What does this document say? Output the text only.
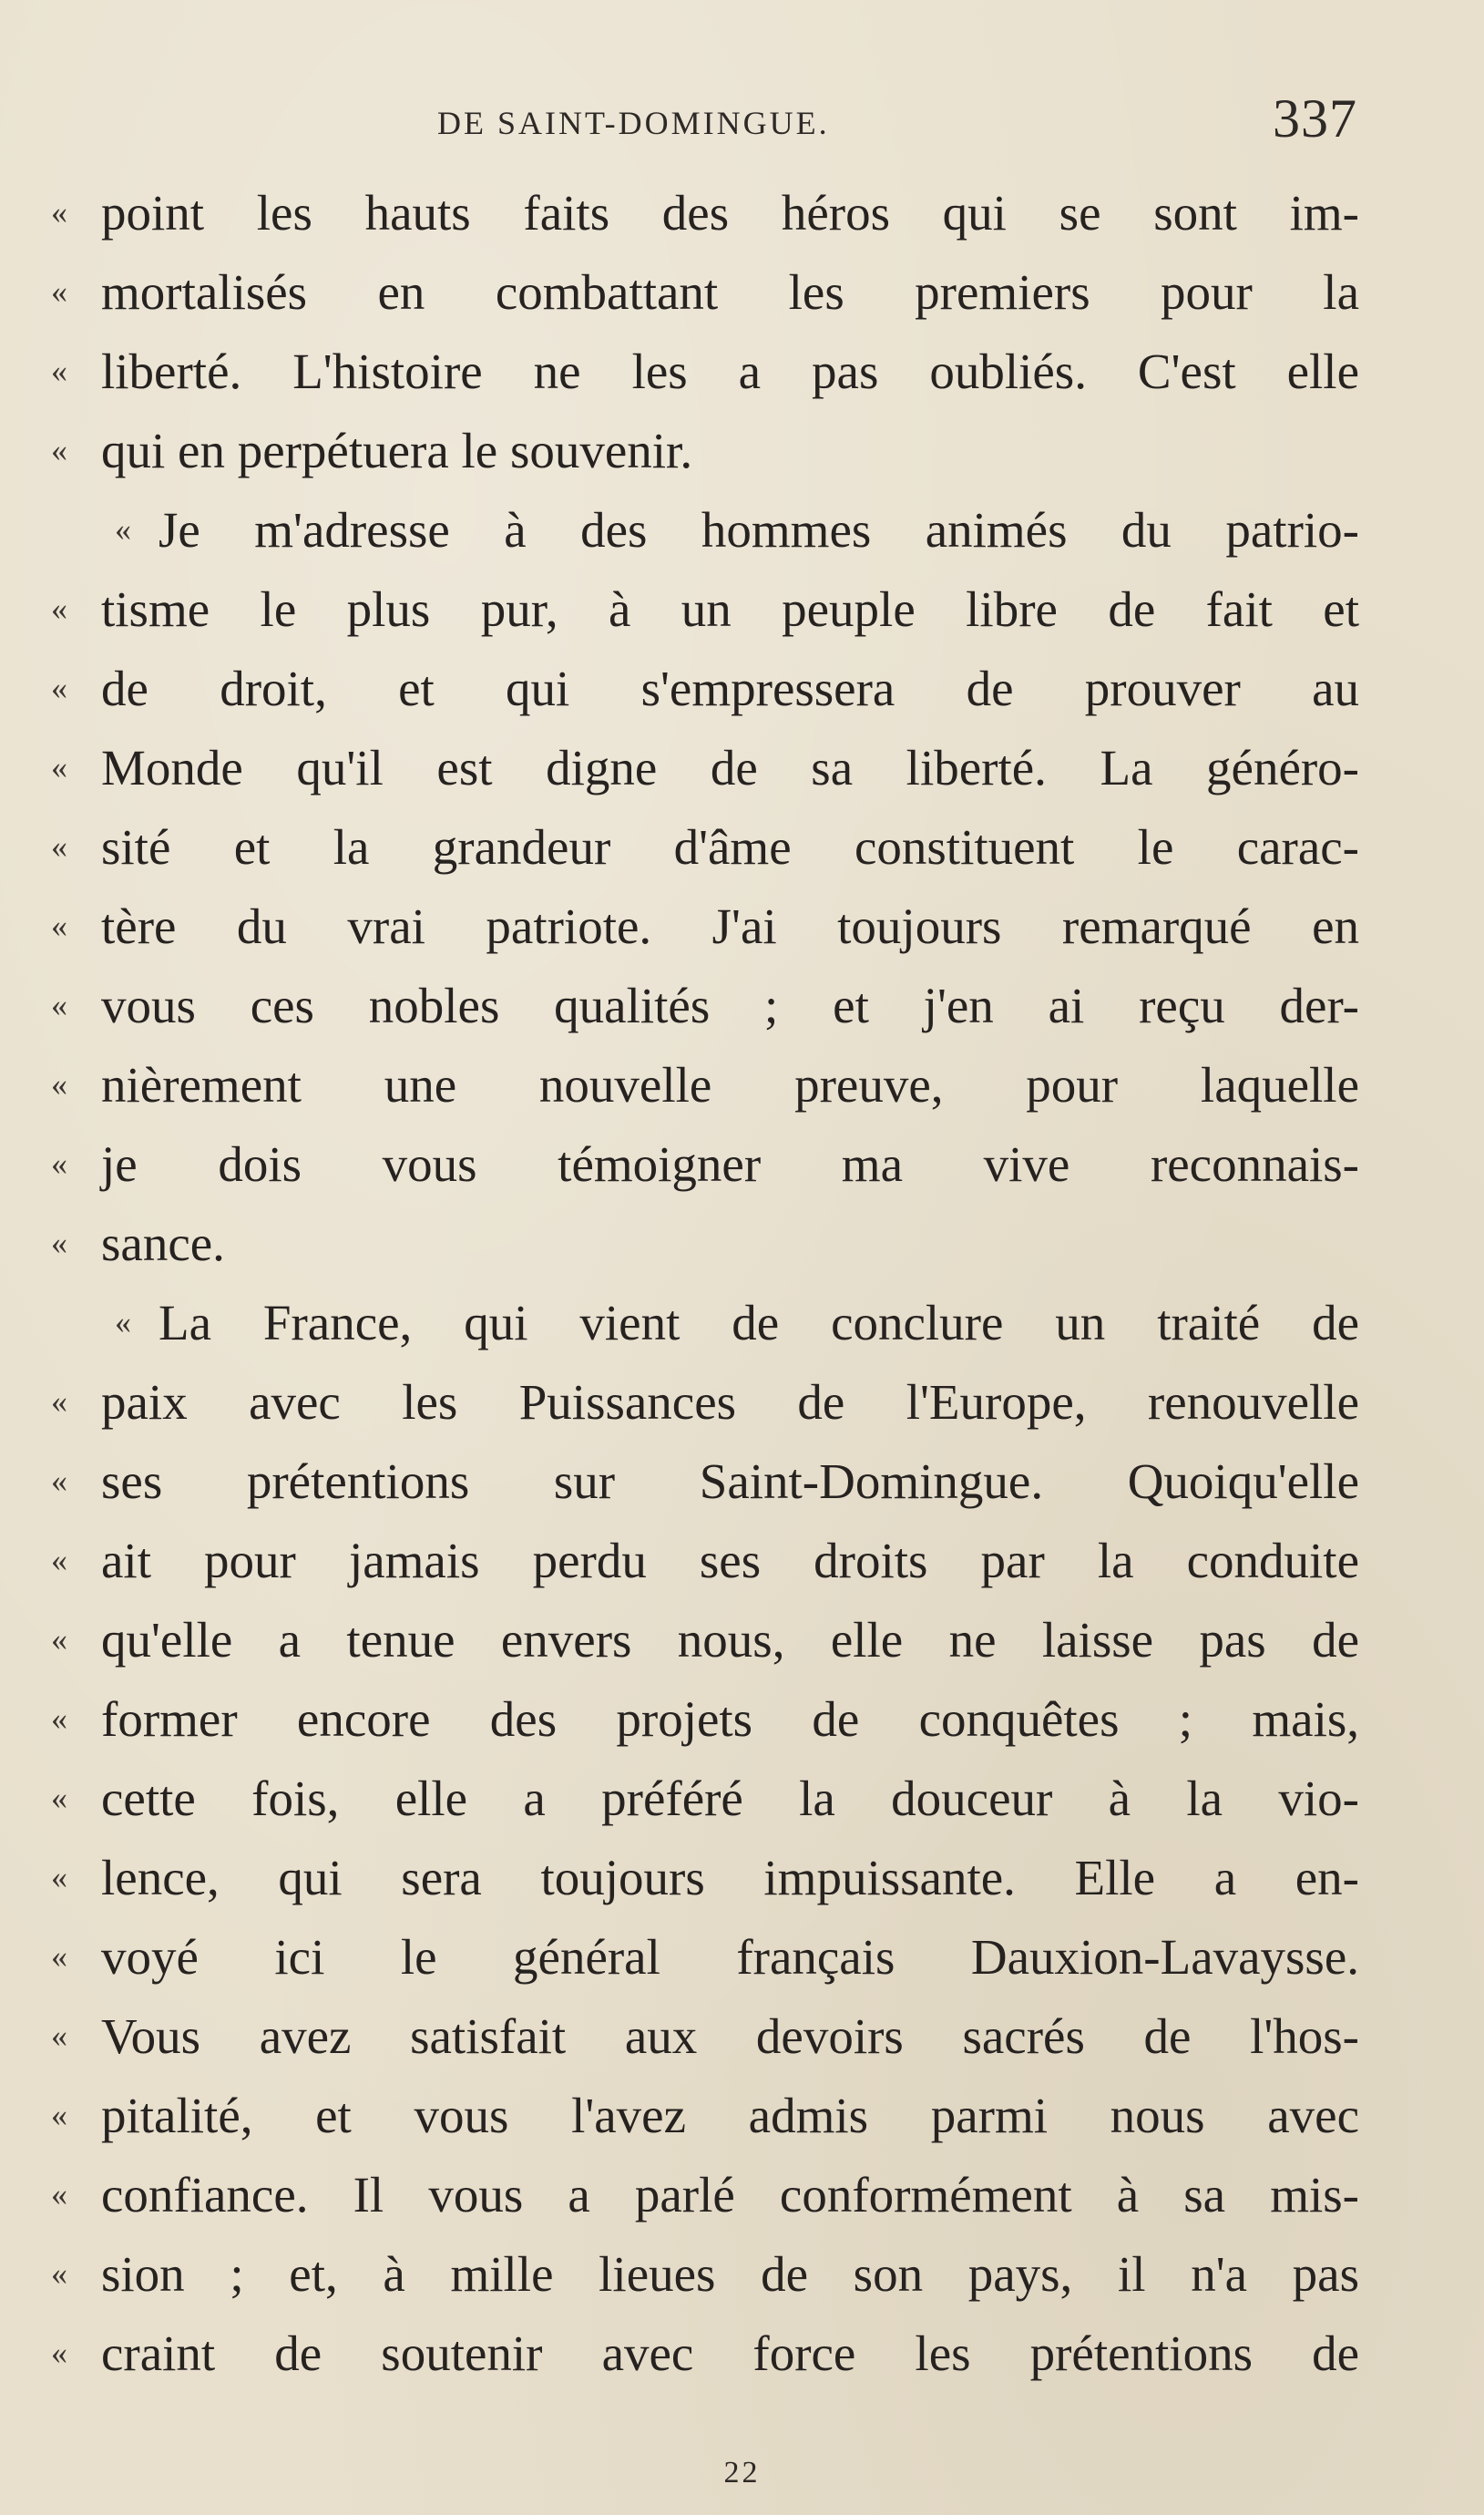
DE SAINT-DOMINGUE.	337
« point les hauts faits des héros qui se sont im-
« mortalisés en combattant les premiers pour la
« liberté. L'histoire ne les a pas oubliés. C'est elle
« qui en perpétuera le souvenir.
« Je m'adresse à des hommes animés du patrio-
« tisme le plus pur, à un peuple libre de fait et
« de droit, et qui s'empressera de prouver au
« Monde qu'il est digne de sa liberté. La généro-
« sité et la grandeur d'âme constituent le carac-
« tère du vrai patriote. J'ai toujours remarqué en
« vous ces nobles qualités ; et j'en ai reçu der-
« nièrement une nouvelle preuve, pour laquelle
« je dois vous témoigner ma vive reconnais-
« sance.
« La France, qui vient de conclure un traité de
« paix avec les Puissances de l'Europe, renouvelle
« ses prétentions sur Saint-Domingue. Quoiqu'elle
« ait pour jamais perdu ses droits par la conduite
« qu'elle a tenue envers nous, elle ne laisse pas de
« former encore des projets de conquêtes ; mais,
« cette fois, elle a préféré la douceur à la vio-
« lence, qui sera toujours impuissante. Elle a en-
« voyé ici le général français Dauxion-Lavaysse.
« Vous avez satisfait aux devoirs sacrés de l'hos-
« pitalité, et vous l'avez admis parmi nous avec
« confiance. Il vous a parlé conformément à sa mis-
« sion ; et, à mille lieues de son pays, il n'a pas
« craint de soutenir avec force les prétentions de
22
